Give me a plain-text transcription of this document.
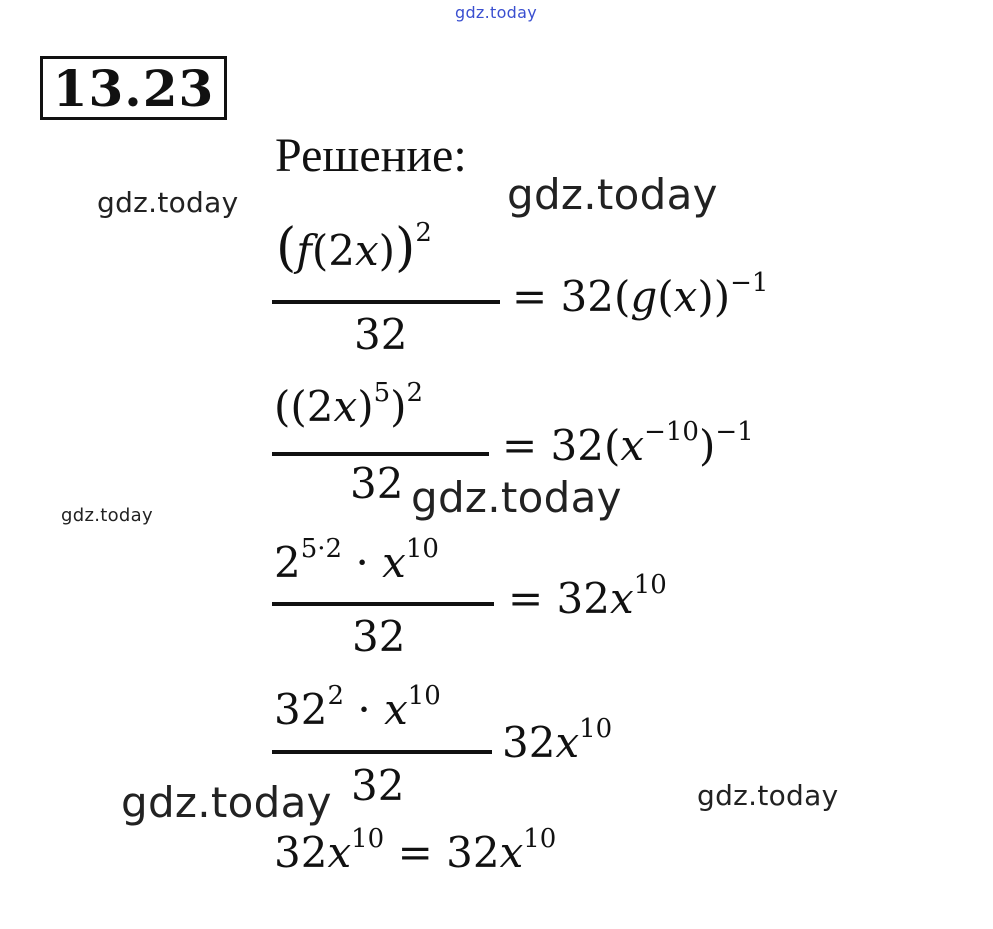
gdz.today
gdz.today	gdz.today
gdz.today	gdz.today
gdz.today	gdz.today
13.23
Решение:
$(f(2x))^2$
32
= $32(g(x))^{-1}$
$((2x)^5)^2$
32
= $32(x^{-10})^{-1}$
$2^{5\cdot 2} \cdot x^{10}$
32
= $32x^{10}$
$32^2 \cdot x^{10}$
32
$32x^{10}$
$32x^{10} = 32x^{10}$
